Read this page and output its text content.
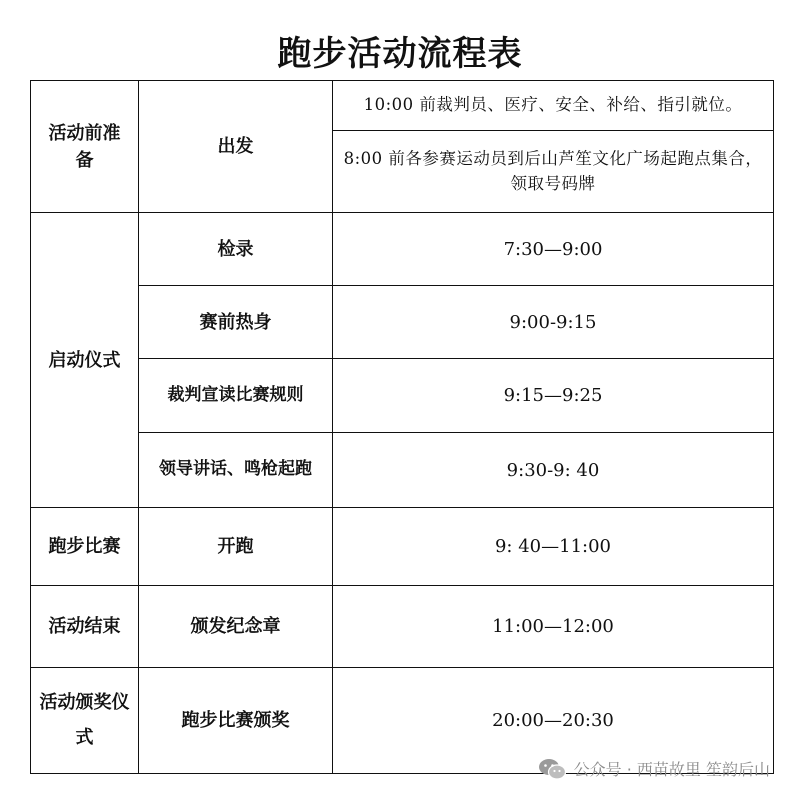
跑步活动流程表
活动前准备	出发	10:00 前裁判员、医疗、安全、补给、指引就位。

		8:00 前各参赛运动员到后山芦笙文化广场起跑点集合，领取号码牌

启动仪式	检录	7:30—9:00
	赛前热身	9:00-9:15
	裁判宣读比赛规则	9:15—9:25
	领导讲话、鸣枪起跑	9:30-9: 40
跑步比赛	开跑	9: 40—11:00
活动结束	颁发纪念章	11:00—12:00

活动颁奖仪式	跑步比赛颁奖	20:00—20:30
公众号 · 西苗故里 笙韵后山
